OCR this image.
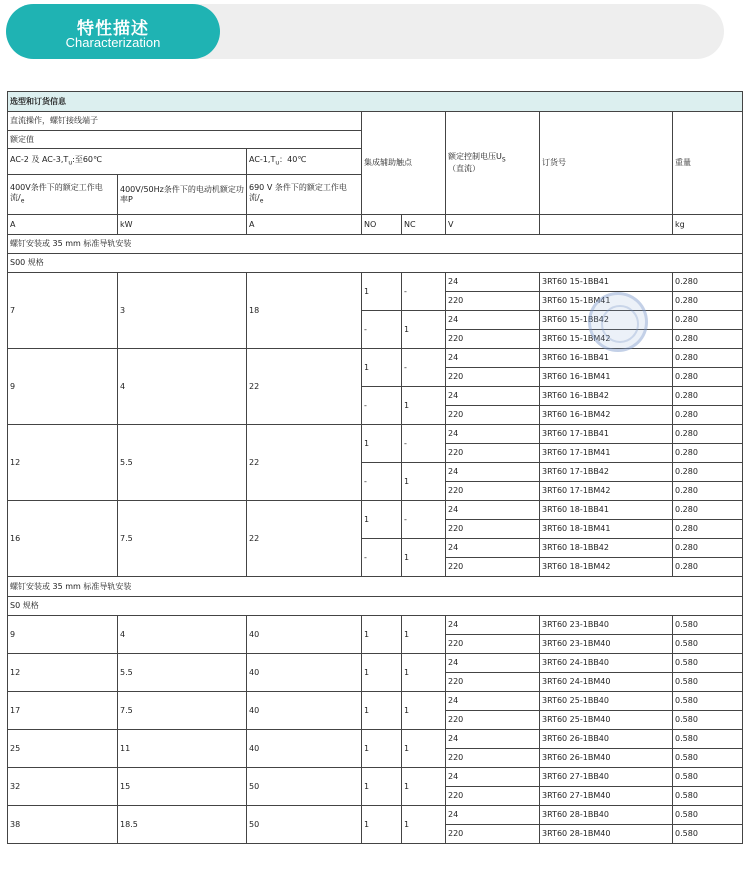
特性描述
Characterization
选型和订货信息							
直流操作，螺钉接线端子			集成辅助触点		额定控制电压$U_S$（直流）	订货号	重量
额定值							
AC-2 及 $AC-3,T_u$:至60℃		$AC-1,T_u$：40℃					
400V条件下的额定工作电流$/_e$	400V/50Hz条件下的电动机额定功率P	690 V 条件下的额定工作电流$/_e$
A	kW	A	NO	NC	V		kg
螺钉安装或 35 mm 标准导轨安装							
S00 规格							
7	3	18	1	-	24	3RT60 15-1BB41	0.280
					220	3RT60 15-1BM41	0.280
			-	1	24	3RT60 15-1BB42	0.280
					220	3RT60 15-1BM42	0.280
9	4	22	1	-	24	3RT60 16-1BB41	0.280
					220	3RT60 16-1BM41	0.280
			-	1	24	3RT60 16-1BB42	0.280
					220	3RT60 16-1BM42	0.280
12	5.5	22	1	-	24	3RT60 17-1BB41	0.280
					220	3RT60 17-1BM41	0.280
			-	1	24	3RT60 17-1BB42	0.280
					220	3RT60 17-1BM42	0.280
16	7.5	22	1	-	24	3RT60 18-1BB41	0.280
					220	3RT60 18-1BM41	0.280
			-	1	24	3RT60 18-1BB42	0.280
					220	3RT60 18-1BM42	0.280
螺钉安装或 35 mm 标准导轨安装							
S0 规格							
9	4	40	1	1	24	3RT60 23-1BB40	0.580
					220	3RT60 23-1BM40	0.580
12	5.5	40	1	1	24	3RT60 24-1BB40	0.580
					220	3RT60 24-1BM40	0.580
17	7.5	40	1	1	24	3RT60 25-1BB40	0.580
					220	3RT60 25-1BM40	0.580
25	11	40	1	1	24	3RT60 26-1BB40	0.580
					220	3RT60 26-1BM40	0.580
32	15	50	1	1	24	3RT60 27-1BB40	0.580
					220	3RT60 27-1BM40	0.580
38	18.5	50	1	1	24	3RT60 28-1BB40	0.580
					220	3RT60 28-1BM40	0.580
